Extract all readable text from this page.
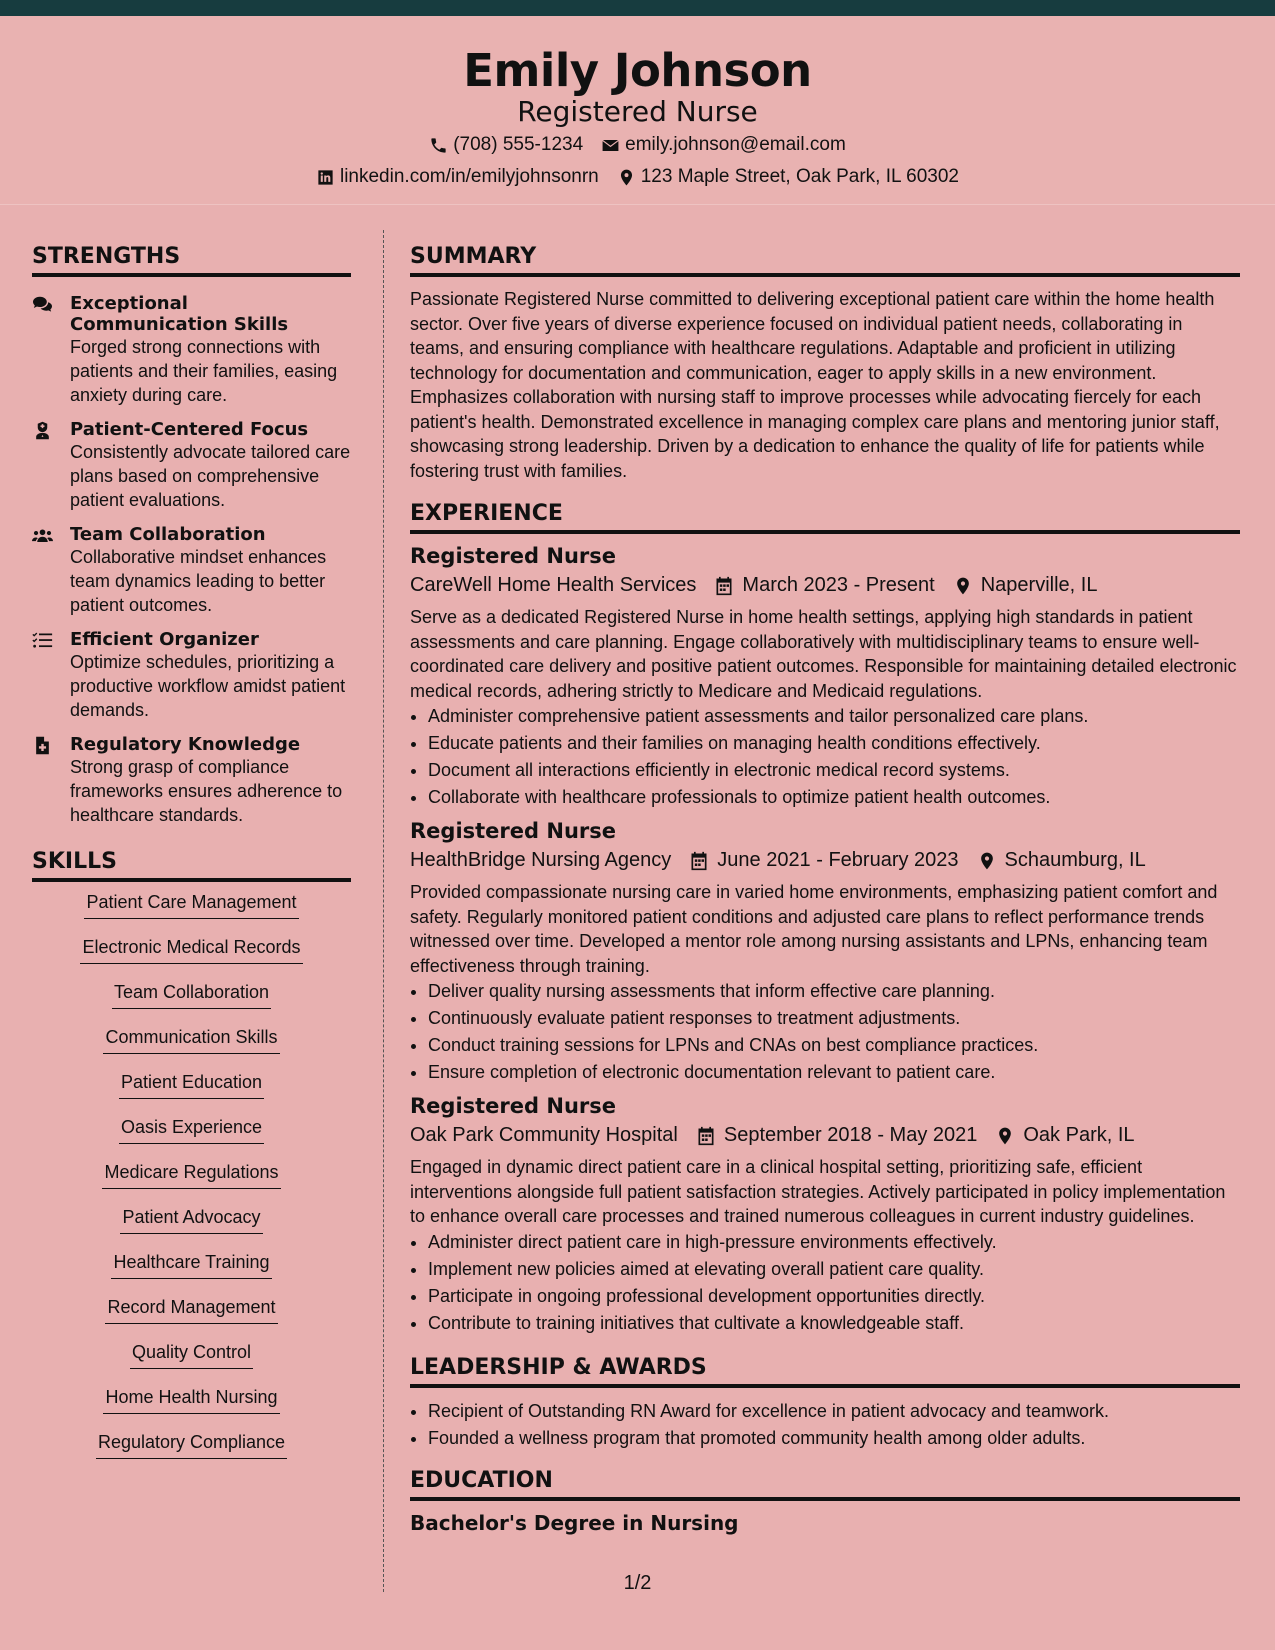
Emily Johnson
Registered Nurse
(708) 555-1234 emily.johnson@email.com
linkedin.com/in/emilyjohnsonrn 123 Maple Street, Oak Park, IL 60302
STRENGTHS
Exceptional Communication Skills
Forged strong connections with patients and their families, easing anxiety during care.
Patient-Centered Focus
Consistently advocate tailored care plans based on comprehensive patient evaluations.
Team Collaboration
Collaborative mindset enhances team dynamics leading to better patient outcomes.
Efficient Organizer
Optimize schedules, prioritizing a productive workflow amidst patient demands.
Regulatory Knowledge
Strong grasp of compliance frameworks ensures adherence to healthcare standards.
SKILLS
Patient Care Management
Electronic Medical Records
Team Collaboration
Communication Skills
Patient Education
Oasis Experience
Medicare Regulations
Patient Advocacy
Healthcare Training
Record Management
Quality Control
Home Health Nursing
Regulatory Compliance
SUMMARY
Passionate Registered Nurse committed to delivering exceptional patient care within the home health sector. Over five years of diverse experience focused on individual patient needs, collaborating in teams, and ensuring compliance with healthcare regulations. Adaptable and proficient in utilizing technology for documentation and communication, eager to apply skills in a new environment. Emphasizes collaboration with nursing staff to improve processes while advocating fiercely for each patient's health. Demonstrated excellence in managing complex care plans and mentoring junior staff, showcasing strong leadership. Driven by a dedication to enhance the quality of life for patients while fostering trust with families.
EXPERIENCE
Registered Nurse
CareWell Home Health Services March 2023 - Present Naperville, IL
Serve as a dedicated Registered Nurse in home health settings, applying high standards in patient assessments and care planning. Engage collaboratively with multidisciplinary teams to ensure well-coordinated care delivery and positive patient outcomes. Responsible for maintaining detailed electronic medical records, adhering strictly to Medicare and Medicaid regulations.
• Administer comprehensive patient assessments and tailor personalized care plans.
• Educate patients and their families on managing health conditions effectively.
• Document all interactions efficiently in electronic medical record systems.
• Collaborate with healthcare professionals to optimize patient health outcomes.
Registered Nurse
HealthBridge Nursing Agency June 2021 - February 2023 Schaumburg, IL
Provided compassionate nursing care in varied home environments, emphasizing patient comfort and safety. Regularly monitored patient conditions and adjusted care plans to reflect performance trends witnessed over time. Developed a mentor role among nursing assistants and LPNs, enhancing team effectiveness through training.
• Deliver quality nursing assessments that inform effective care planning.
• Continuously evaluate patient responses to treatment adjustments.
• Conduct training sessions for LPNs and CNAs on best compliance practices.
• Ensure completion of electronic documentation relevant to patient care.
Registered Nurse
Oak Park Community Hospital September 2018 - May 2021 Oak Park, IL
Engaged in dynamic direct patient care in a clinical hospital setting, prioritizing safe, efficient interventions alongside full patient satisfaction strategies. Actively participated in policy implementation to enhance overall care processes and trained numerous colleagues in current industry guidelines.
• Administer direct patient care in high-pressure environments effectively.
• Implement new policies aimed at elevating overall patient care quality.
• Participate in ongoing professional development opportunities directly.
• Contribute to training initiatives that cultivate a knowledgeable staff.
LEADERSHIP & AWARDS
• Recipient of Outstanding RN Award for excellence in patient advocacy and teamwork.
• Founded a wellness program that promoted community health among older adults.
EDUCATION
Bachelor's Degree in Nursing
1/2
